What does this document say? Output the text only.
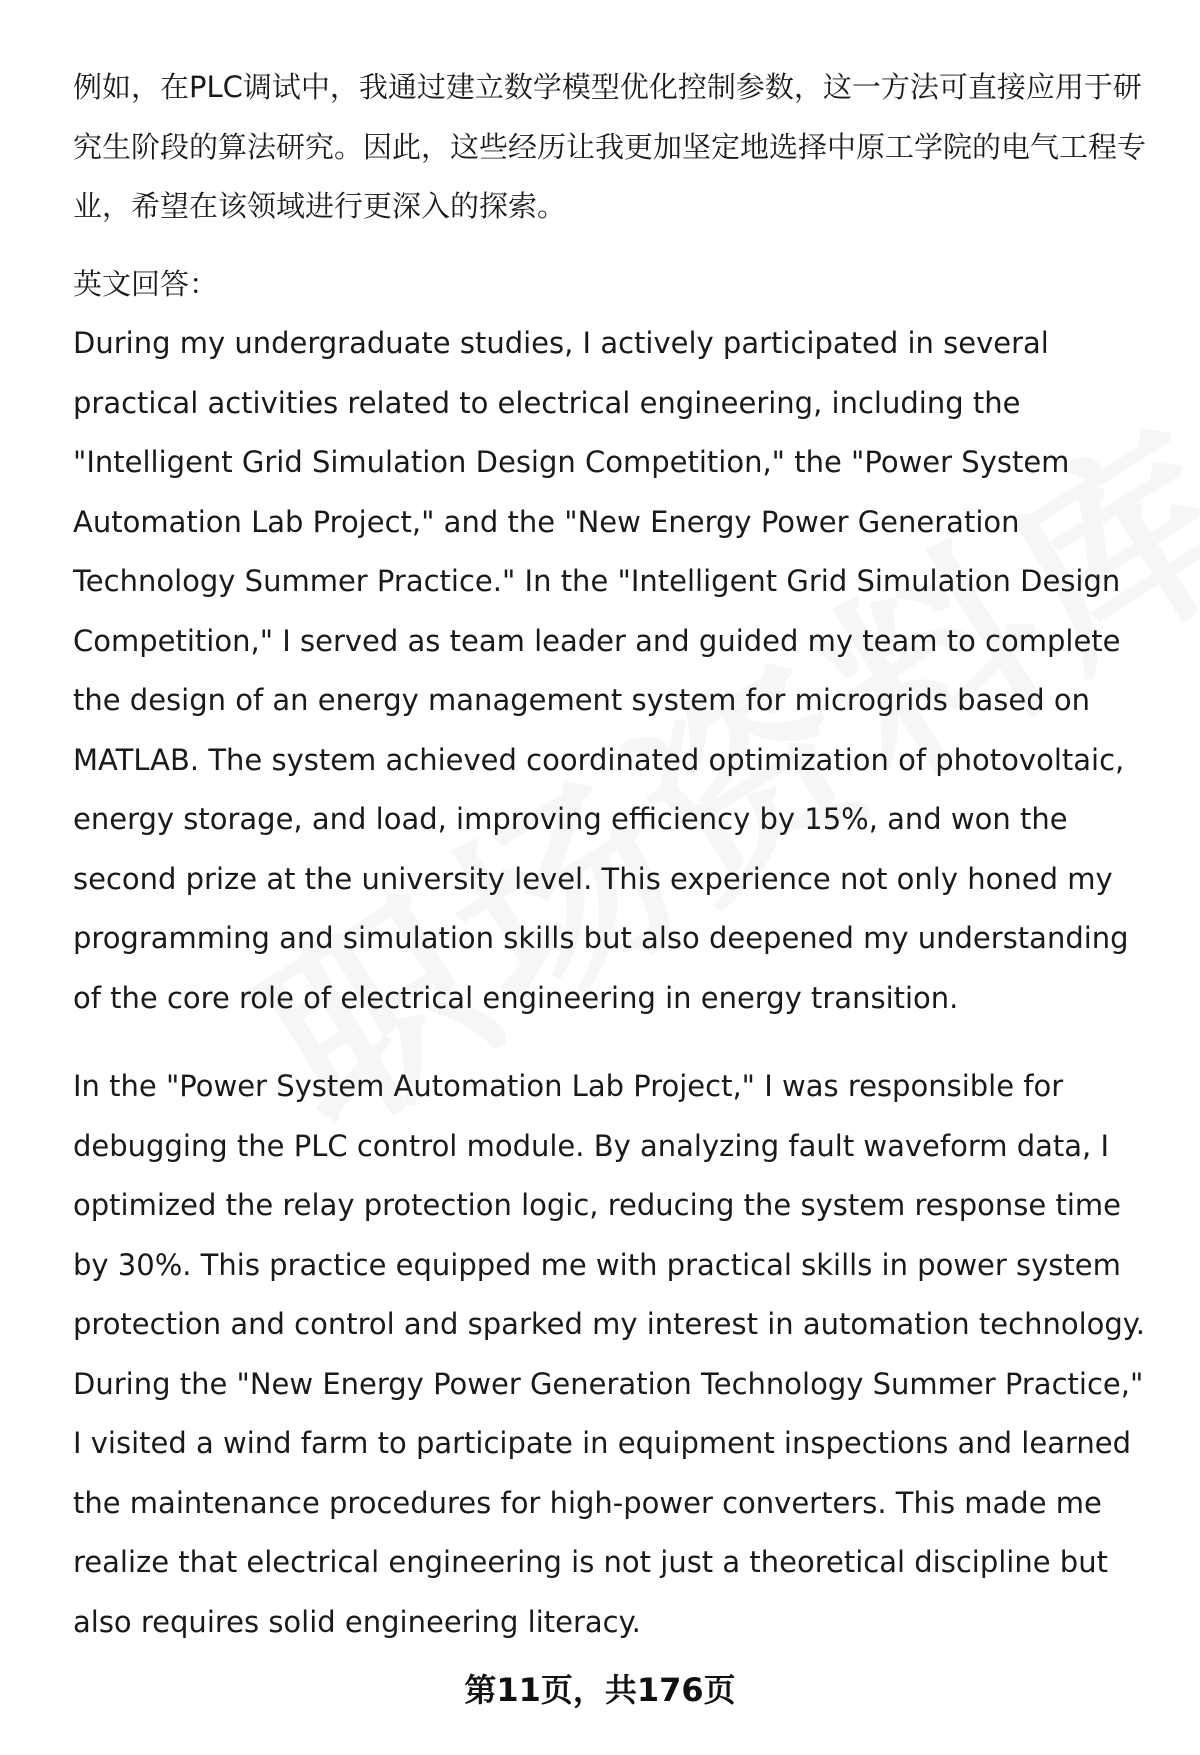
例如，在PLC调试中，我通过建立数学模型优化控制参数，这一方法可直接应用于研究生阶段的算法研究。因此，这些经历让我更加坚定地选择中原工学院的电气工程专业，希望在该领域进行更深入的探索。

英文回答：

During my undergraduate studies, I actively participated in several practical activities related to electrical engineering, including the "Intelligent Grid Simulation Design Competition," the "Power System Automation Lab Project," and the "New Energy Power Generation Technology Summer Practice." In the "Intelligent Grid Simulation Design Competition," I served as team leader and guided my team to complete the design of an energy management system for microgrids based on MATLAB. The system achieved coordinated optimization of photovoltaic, energy storage, and load, improving efficiency by 15%, and won the second prize at the university level. This experience not only honed my programming and simulation skills but also deepened my understanding of the core role of electrical engineering in energy transition.

In the "Power System Automation Lab Project," I was responsible for debugging the PLC control module. By analyzing fault waveform data, I optimized the relay protection logic, reducing the system response time by 30%. This practice equipped me with practical skills in power system protection and control and sparked my interest in automation technology. During the "New Energy Power Generation Technology Summer Practice," I visited a wind farm to participate in equipment inspections and learned the maintenance procedures for high-power converters. This made me realize that electrical engineering is not just a theoretical discipline but also requires solid engineering literacy.

第11页，共176页
